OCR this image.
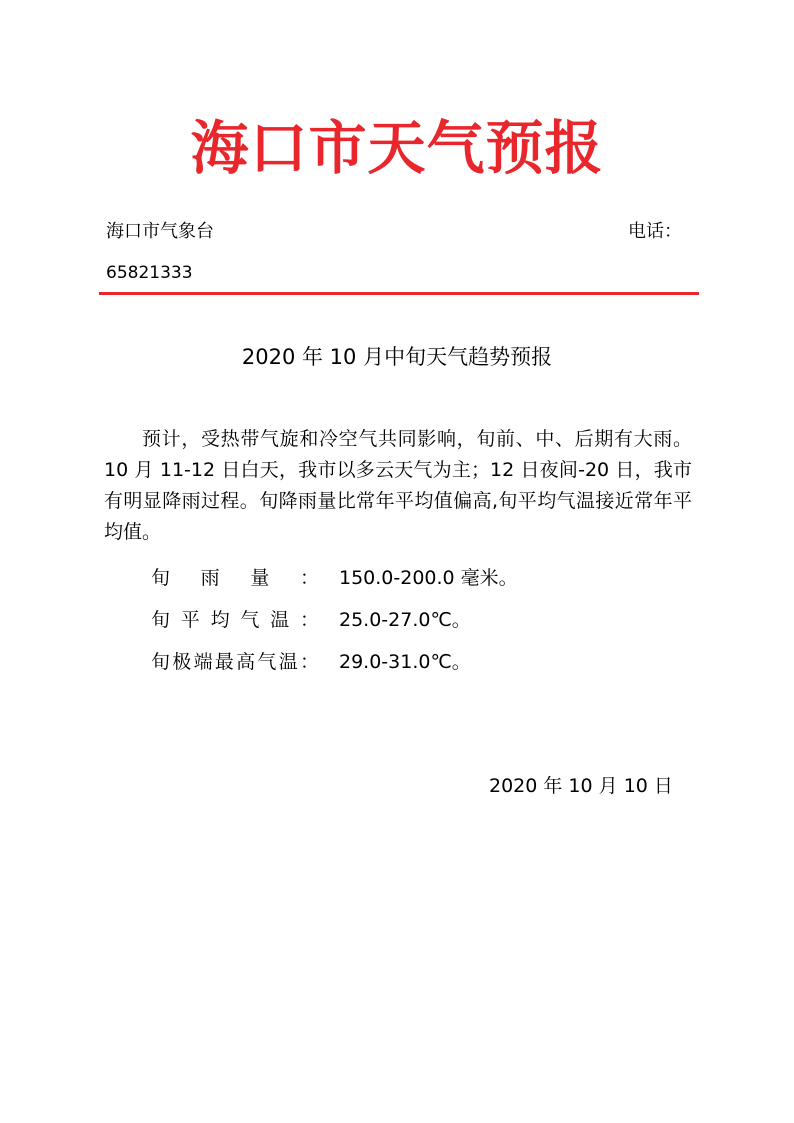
海口市天气预报
海口市气象台	电话：
65821333
2020 年 10 月中旬天气趋势预报

预计，受热带气旋和冷空气共同影响，旬前、中、后期有大雨。10 月 11-12 日白天，我市以多云天气为主；12 日夜间-20 日，我市有明显降雨过程。旬降雨量比常年平均值偏高,旬平均气温接近常年平均值。

旬 雨 量 ： 150.0-200.0 毫米。
旬 平 均 气 温 ： 25.0-27.0℃。
旬 极 端 最 高 气 温 ： 29.0-31.0℃。
2020 年 10 月 10 日
